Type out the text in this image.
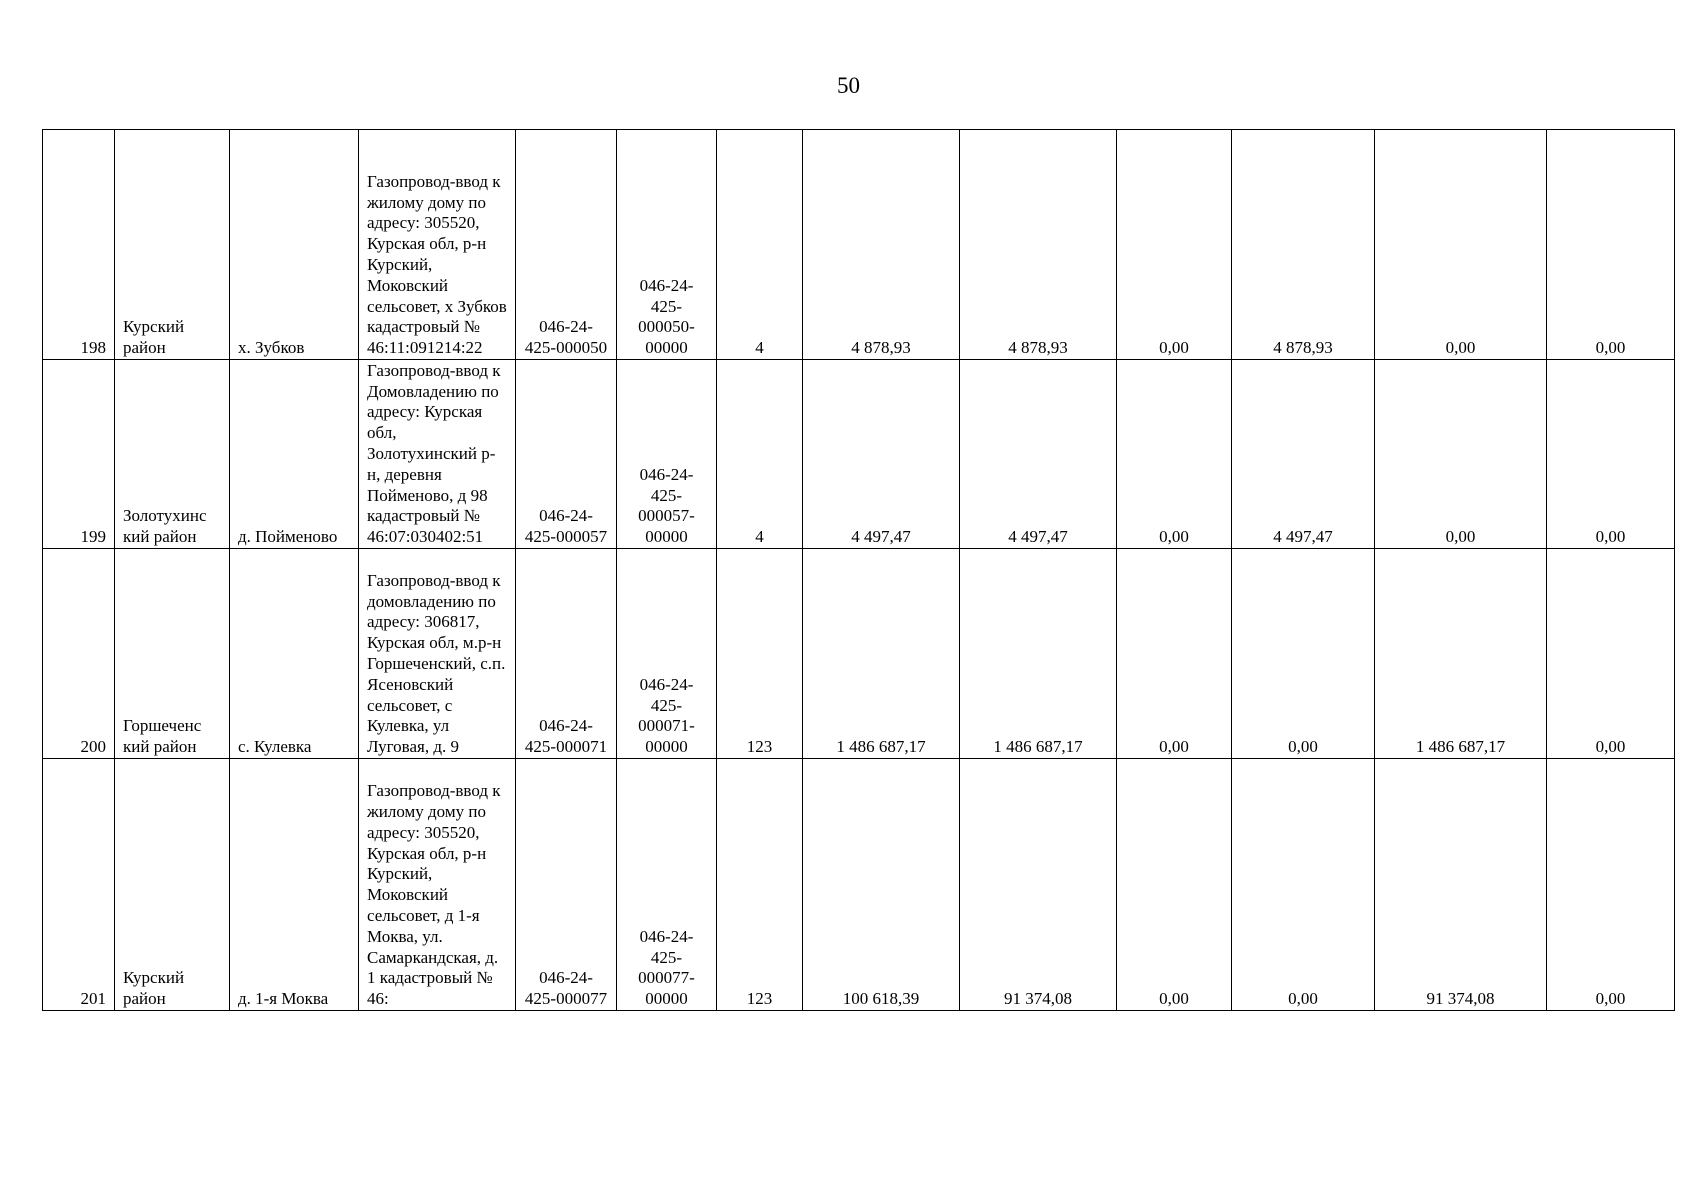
50
198	Курский район	х. Зубков	Газопровод-ввод к жилому дому по адресу: 305520, Курская обл, р-н Курский, Моковский сельсовет, х Зубков кадастровый № 46:11:091214:22	046-24-425-000050	046-24-425-000050-00000	4	4 878,93	4 878,93	0,00	4 878,93	0,00	0,00
199	Золотухинс кий район	д. Пойменово	Газопровод-ввод к Домовладению по адресу: Курская обл, Золотухинский р-н, деревня Пойменово, д 98 кадастровый № 46:07:030402:51	046-24-425-000057	046-24-425-000057-00000	4	4 497,47	4 497,47	0,00	4 497,47	0,00	0,00
200	Горшеченс кий район	с. Кулевка	Газопровод-ввод к домовладению по адресу: 306817, Курская обл, м.р-н Горшеченский, с.п. Ясеновский сельсовет, с Кулевка, ул Луговая, д. 9	046-24-425-000071	046-24-425-000071-00000	123	1 486 687,17	1 486 687,17	0,00	0,00	1 486 687,17	0,00
201	Курский район	д. 1-я Моква	Газопровод-ввод к жилому дому по адресу: 305520, Курская обл, р-н Курский, Моковский сельсовет, д 1-я Моква, ул. Самаркандская, д. 1 кадастровый № 46:	046-24-425-000077	046-24-425-000077-00000	123	100 618,39	91 374,08	0,00	0,00	91 374,08	0,00
